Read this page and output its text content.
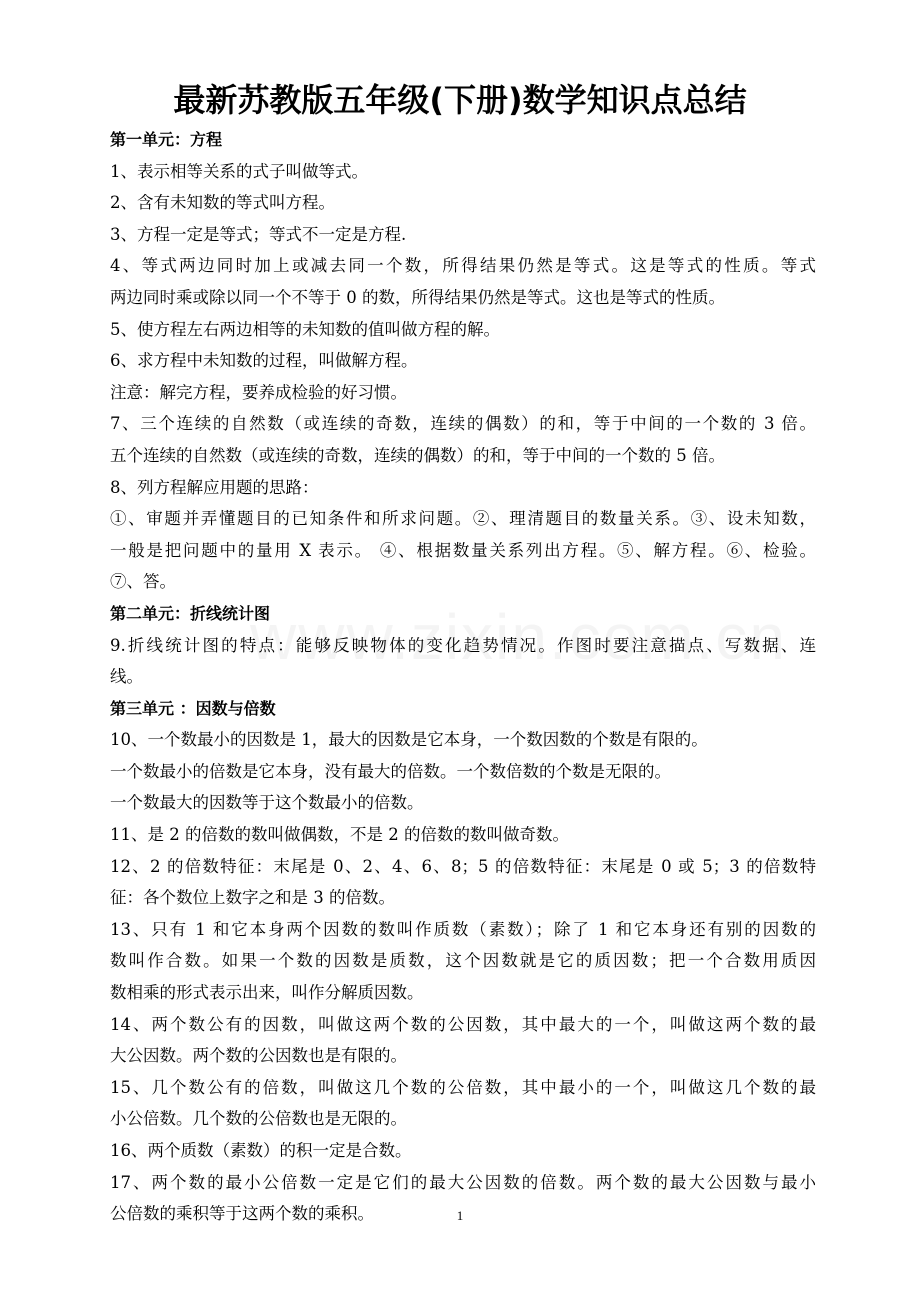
最新苏教版五年级(下册)数学知识点总结
第一单元：方程
1、表示相等关系的式子叫做等式。
2、含有未知数的等式叫方程。
3、方程一定是等式；等式不一定是方程.
4、等式两边同时加上或减去同一个数，所得结果仍然是等式。这是等式的性质。等式
两边同时乘或除以同一个不等于 0 的数，所得结果仍然是等式。这也是等式的性质。
5、使方程左右两边相等的未知数的值叫做方程的解。
6、求方程中未知数的过程，叫做解方程。
注意：解完方程，要养成检验的好习惯。
7、三个连续的自然数（或连续的奇数，连续的偶数）的和，等于中间的一个数的 3 倍。
五个连续的自然数（或连续的奇数，连续的偶数）的和，等于中间的一个数的 5 倍。
8、列方程解应用题的思路：
①、审题并弄懂题目的已知条件和所求问题。②、理清题目的数量关系。③、设未知数，
一般是把问题中的量用 X 表示。 ④、根据数量关系列出方程。⑤、解方程。⑥、检验。
⑦、答。
第二单元：折线统计图
9.折线统计图的特点：能够反映物体的变化趋势情况。作图时要注意描点、写数据、连
线。
第三单元 ：因数与倍数
10、一个数最小的因数是 1，最大的因数是它本身，一个数因数的个数是有限的。
一个数最小的倍数是它本身，没有最大的倍数。一个数倍数的个数是无限的。
一个数最大的因数等于这个数最小的倍数。
11、是 2 的倍数的数叫做偶数，不是 2 的倍数的数叫做奇数。
12、2 的倍数特征：末尾是 0、2、4、6、8；5 的倍数特征：末尾是 0 或 5；3 的倍数特
征：各个数位上数字之和是 3 的倍数。
13、只有 1 和它本身两个因数的数叫作质数（素数）；除了 1 和它本身还有别的因数的
数叫作合数。如果一个数的因数是质数，这个因数就是它的质因数；把一个合数用质因
数相乘的形式表示出来，叫作分解质因数。
14、两个数公有的因数，叫做这两个数的公因数，其中最大的一个，叫做这两个数的最
大公因数。两个数的公因数也是有限的。
15、几个数公有的倍数，叫做这几个数的公倍数，其中最小的一个，叫做这几个数的最
小公倍数。几个数的公倍数也是无限的。
16、两个质数（素数）的积一定是合数。
17、两个数的最小公倍数一定是它们的最大公因数的倍数。两个数的最大公因数与最小
公倍数的乘积等于这两个数的乘积。	1
